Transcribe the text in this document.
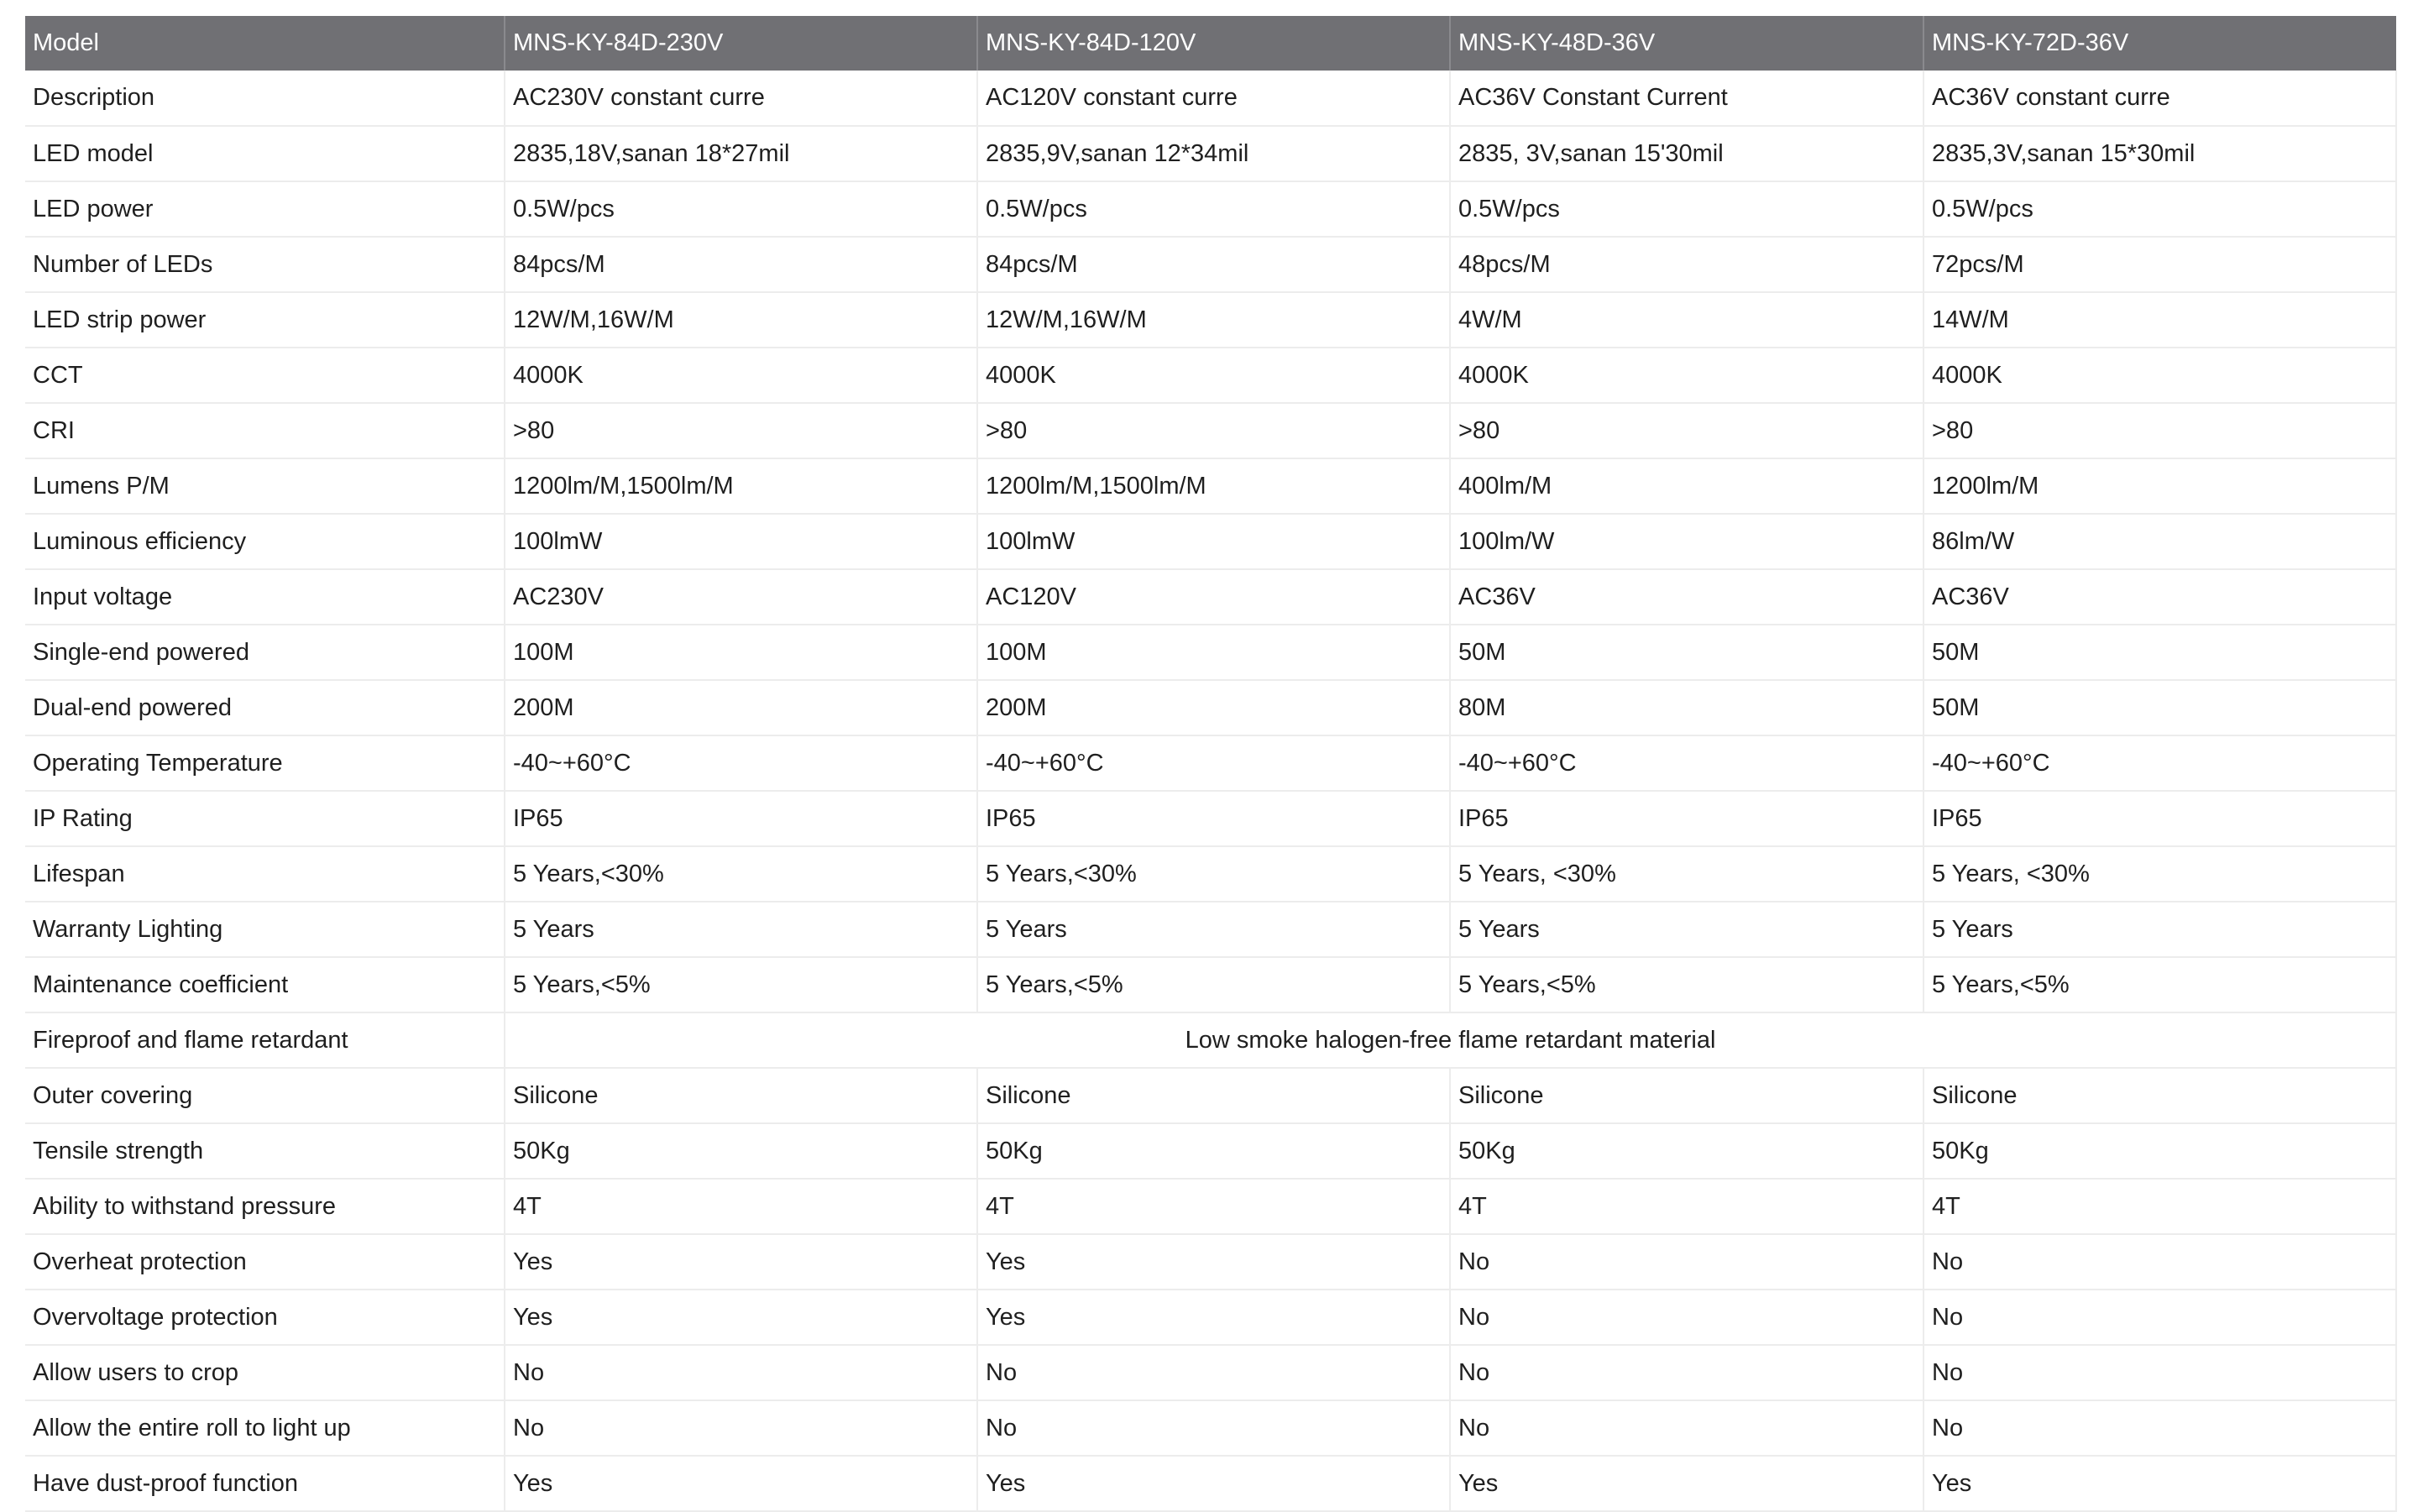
Model	MNS-KY-84D-230V	MNS-KY-84D-120V	MNS-KY-48D-36V	MNS-KY-72D-36V
Description	AC230V constant curre	AC120V constant curre	AC36V Constant Current	AC36V constant curre
LED model	2835,18V,sanan 18*27mil	2835,9V,sanan 12*34mil	2835, 3V,sanan 15'30mil	2835,3V,sanan 15*30mil
LED power	0.5W/pcs	0.5W/pcs	0.5W/pcs	0.5W/pcs
Number of LEDs	84pcs/M	84pcs/M	48pcs/M	72pcs/M
LED strip power	12W/M,16W/M	12W/M,16W/M	4W/M	14W/M
CCT	4000K	4000K	4000K	4000K
CRI	>80	>80	>80	>80
Lumens P/M	1200lm/M,1500lm/M	1200lm/M,1500lm/M	400lm/M	1200lm/M
Luminous efficiency	100lmW	100lmW	100lm/W	86lm/W
Input voltage	AC230V	AC120V	AC36V	AC36V
Single-end powered	100M	100M	50M	50M
Dual-end powered	200M	200M	80M	50M
Operating Temperature	-40~+60°C	-40~+60°C	-40~+60°C	-40~+60°C
IP Rating	IP65	IP65	IP65	IP65
Lifespan	5 Years,<30%	5 Years,<30%	5 Years, <30%	5 Years, <30%
Warranty Lighting	5 Years	5 Years	5 Years	5 Years
Maintenance coefficient	5 Years,<5%	5 Years,<5%	5 Years,<5%	5 Years,<5%
Fireproof and flame retardant	Low smoke halogen-free flame retardant material			
Outer covering	Silicone	Silicone	Silicone	Silicone
Tensile strength	50Kg	50Kg	50Kg	50Kg
Ability to withstand pressure	4T	4T	4T	4T
Overheat protection	Yes	Yes	No	No
Overvoltage protection	Yes	Yes	No	No
Allow users to crop	No	No	No	No
Allow the entire roll to light up	No	No	No	No
Have dust-proof function	Yes	Yes	Yes	Yes
